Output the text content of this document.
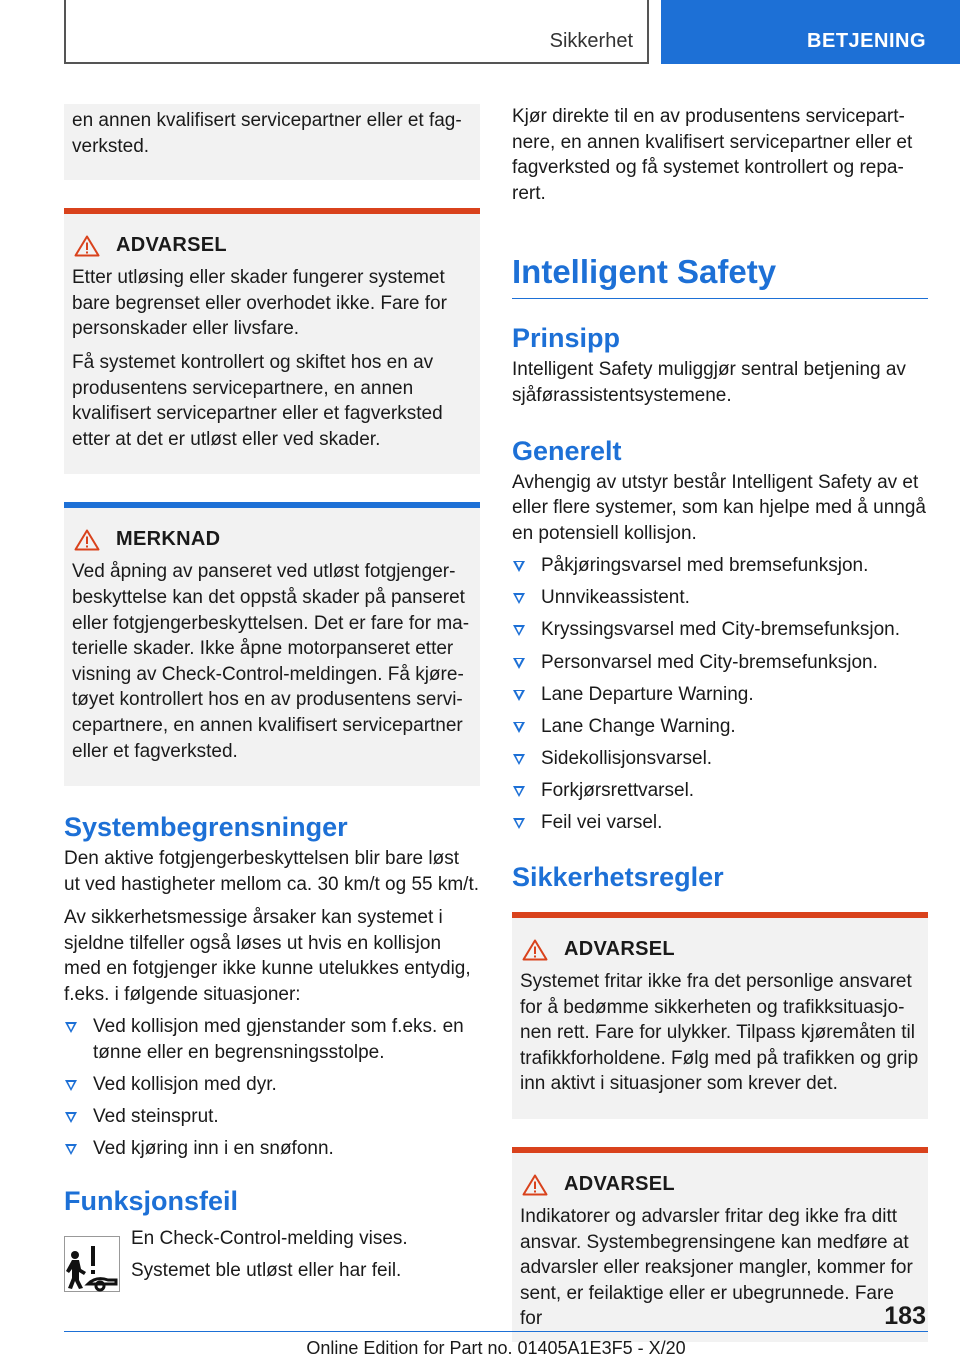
Sikkerhet	BETJENING

en annen kvalifisert servicepartner eller et fagverksted.

ADVARSEL

Etter utløsing eller skader fungerer systemet bare begrenset eller overhodet ikke. Fare for personskader eller livsfare.

Få systemet kontrollert og skiftet hos en av produsentens servicepartnere, en annen kvalifisert servicepartner eller et fagverksted etter at det er utløst eller ved skader.

MERKNAD

Ved åpning av panseret ved utløst fotgjengerbeskyttelse kan det oppstå skader på panseret eller fotgjengerbeskyttelsen. Det er fare for materielle skader. Ikke åpne motorpanseret etter visning av Check-Control-meldingen. Få kjøretøyet kontrollert hos en av produsentens servicepartnere, en annen kvalifisert servicepartner eller et fagverksted.

Systembegrensninger

Den aktive fotgjengerbeskyttelsen blir bare løst ut ved hastigheter mellom ca. 30 km/t og 55 km/t.

Av sikkerhetsmessige årsaker kan systemet i sjeldne tilfeller også løses ut hvis en kollisjon med en fotgjenger ikke kunne utelukkes entydig, f.eks. i følgende situasjoner:

Ved kollisjon med gjenstander som f.eks. en tønne eller en begrensningsstolpe.
Ved kollisjon med dyr.
Ved steinsprut.
Ved kjøring inn i en snøfonn.
Funksjonsfeil

En Check-Control-melding vises.

Systemet ble utløst eller har feil.

Kjør direkte til en av produsentens servicepartnere, en annen kvalifisert servicepartner eller et fagverksted og få systemet kontrollert og reparert.

Intelligent Safety
Prinsipp

Intelligent Safety muliggjør sentral betjening av sjåførassistentsystemene.

Generelt

Avhengig av utstyr består Intelligent Safety av et eller flere systemer, som kan hjelpe med å unngå en potensiell kollisjon.

Påkjøringsvarsel med bremsefunksjon.
Unnvikeassistent.
Kryssingsvarsel med City-bremsefunksjon.
Personvarsel med City-bremsefunksjon.
Lane Departure Warning.
Lane Change Warning.
Sidekollisjonsvarsel.
Forkjørsrettvarsel.
Feil vei varsel.
Sikkerhetsregler
ADVARSEL

Systemet fritar ikke fra det personlige ansvaret for å bedømme sikkerheten og trafikksituasjonen rett. Fare for ulykker. Tilpass kjøremåten til trafikkforholdene. Følg med på trafikken og grip inn aktivt i situasjoner som krever det.

ADVARSEL

Indikatorer og advarsler fritar deg ikke fra ditt ansvar. Systembegrensingene kan medføre at advarsler eller reaksjoner mangler, kommer for sent, er feilaktige eller er ubegrunnede. Fare for	183
Online Edition for Part no. 01405A1E3F5 - X/20
